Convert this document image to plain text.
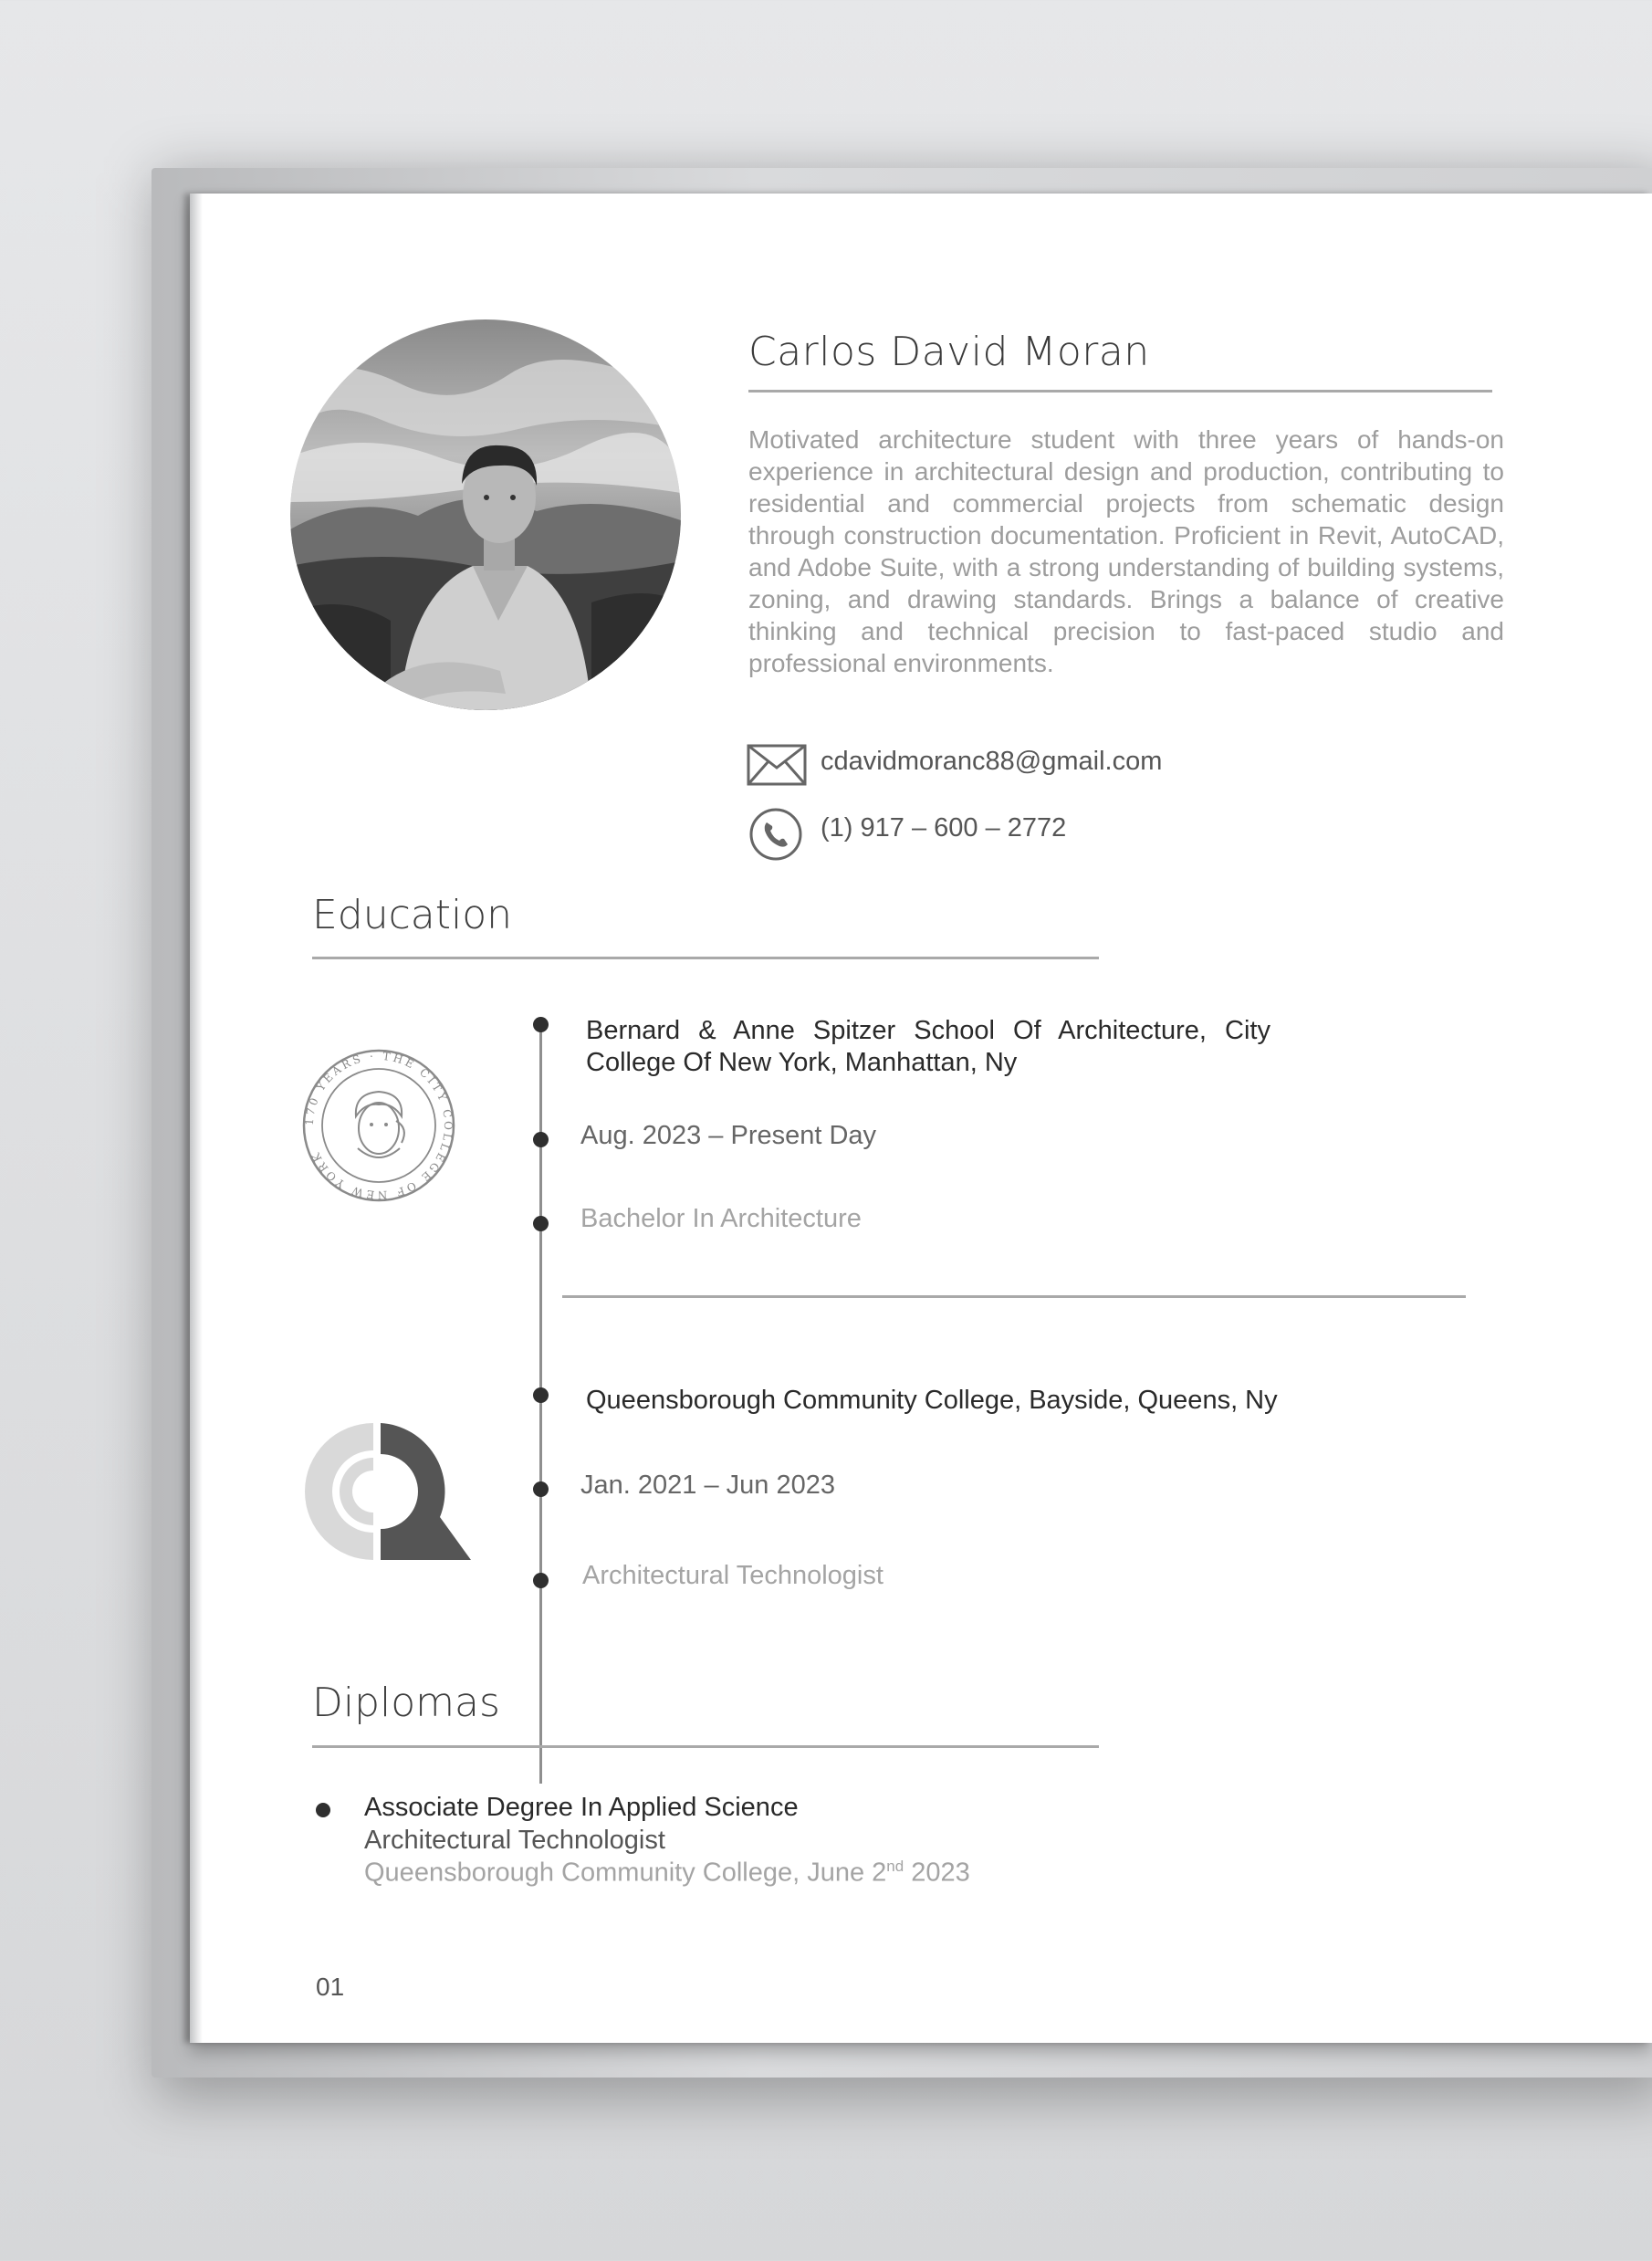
Carlos David Moran

Motivated architecture student with three years of hands-on experience in architectural design and production, contributing to residential and commercial projects from schematic design through construction documentation. Proficient in Revit, AutoCAD, and Adobe Suite, with a strong understanding of building systems, zoning, and drawing standards. Brings a balance of creative thinking and technical precision to fast-paced studio and professional environments.

cdavidmoranc88@gmail.com
(1) 917 – 600 – 2772
Education
170 YEARS · THE CITY COLLEGE OF NEW YORK

Bernard & Anne Spitzer School Of Architecture, City College Of New York, Manhattan, Ny

Aug. 2023 – Present Day
Bachelor In Architecture

Queensborough Community College, Bayside, Queens, Ny

Jan. 2021 – Jun 2023
Architectural Technologist
Diplomas
Associate Degree In Applied Science
Architectural Technologist
Queensborough Community College, June 2nd 2023
01
